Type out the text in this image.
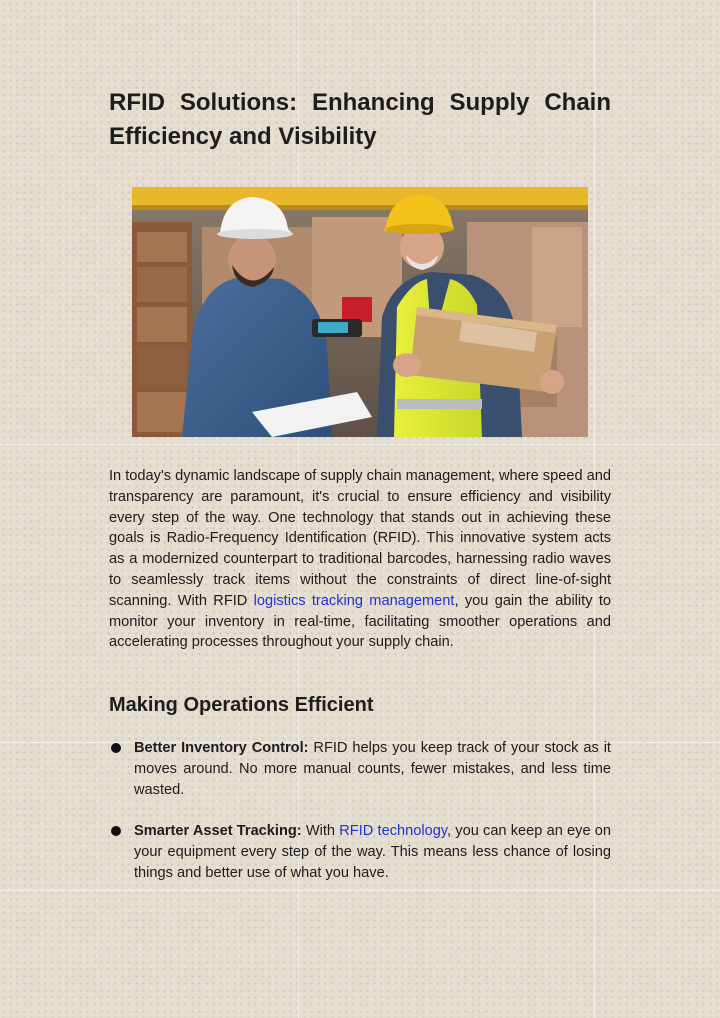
RFID Solutions: Enhancing Supply Chain
Efficiency and Visibility

In today's dynamic landscape of supply chain management, where speed and transparency are paramount, it's crucial to ensure efficiency and visibility every step of the way. One technology that stands out in achieving these goals is Radio-Frequency Identification (RFID). This innovative system acts as a modernized counterpart to traditional barcodes, harnessing radio waves to seamlessly track items without the constraints of direct line-of-sight scanning. With RFID logistics tracking management, you gain the ability to monitor your inventory in real-time, facilitating smoother operations and accelerating processes throughout your supply chain.

Making Operations Efficient

Better Inventory Control: RFID helps you keep track of your stock as it moves around. No more manual counts, fewer mistakes, and less time wasted.

Smarter Asset Tracking: With RFID technology, you can keep an eye on your equipment every step of the way. This means less chance of losing things and better use of what you have.
